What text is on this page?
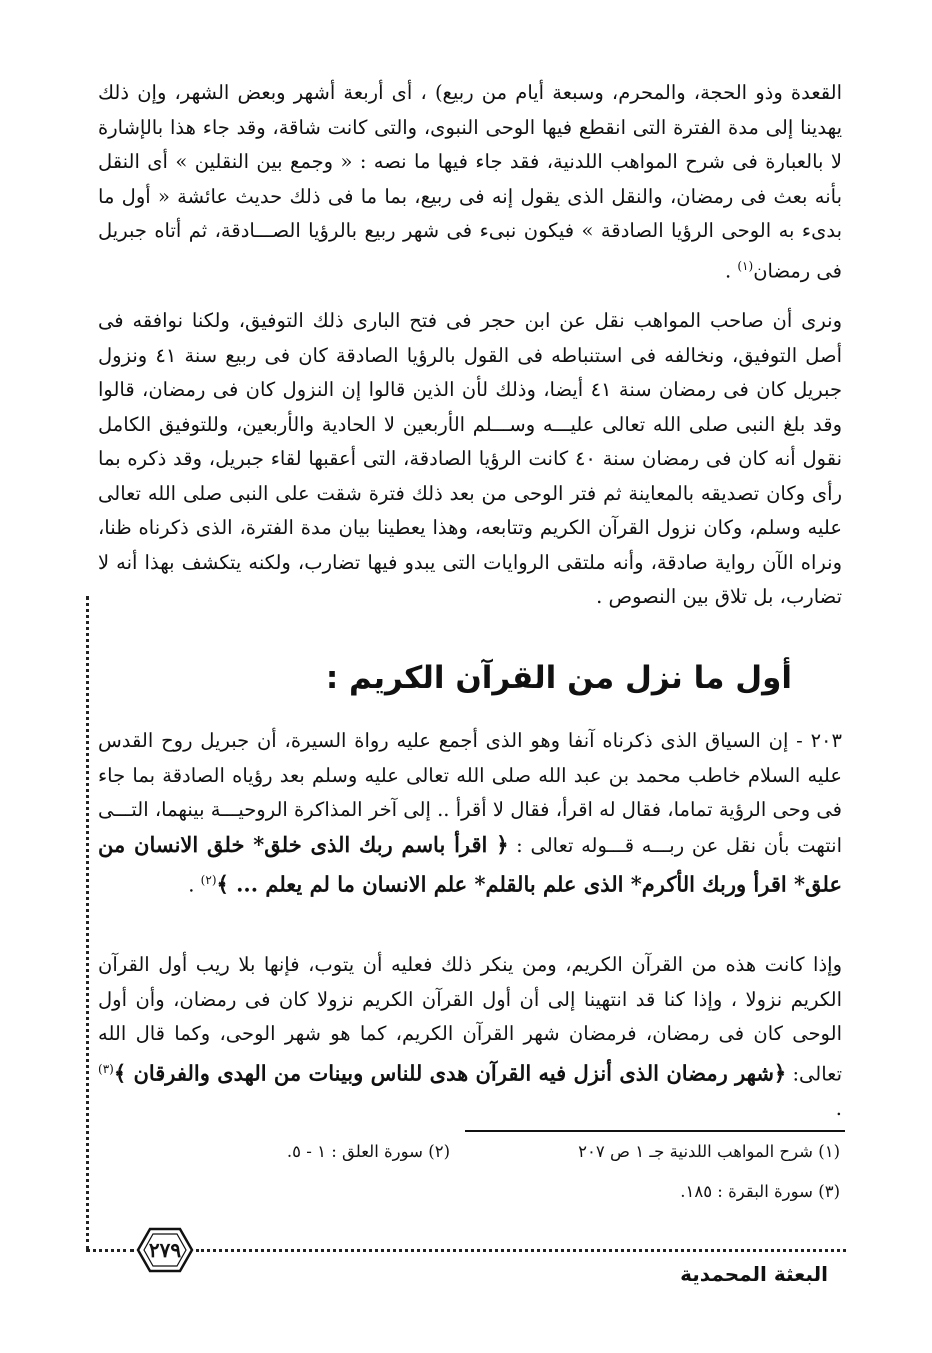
القعدة وذو الحجة، والمحرم، وسبعة أيام من ربيع) ، أى أربعة أشهر وبعض الشهر، وإن ذلك يهدينا إلى مدة الفترة التى انقطع فيها الوحى النبوى، والتى كانت شاقة، وقد جاء هذا بالإشارة لا بالعبارة فى شرح المواهب اللدنية، فقد جاء فيها ما نصه : « وجمع بين النقلين » أى النقل بأنه بعث فى رمضان، والنقل الذى يقول إنه فى ربيع، بما ما فى ذلك حديث عائشة « أول ما بدىء به الوحى الرؤيا الصادقة » فيكون نبىء فى شهر ربيع بالرؤيا الصـــادقة، ثم أتاه جبريل فى رمضان$^{(١)}$ .
ونرى أن صاحب المواهب نقل عن ابن حجر فى فتح البارى ذلك التوفيق، ولكنا نوافقه فى أصل التوفيق، ونخالفه فى استنباطه فى القول بالرؤيا الصادقة كان فى ربيع سنة ٤١ ونزول جبريل كان فى رمضان سنة ٤١ أيضا، وذلك لأن الذين قالوا إن النزول كان فى رمضان، قالوا وقد بلغ النبى صلى الله تعالى عليـــه وســـلم الأربعين لا الحادية والأربعين، وللتوفيق الكامل نقول أنه كان فى رمضان سنة ٤٠ كانت الرؤيا الصادقة، التى أعقبها لقاء جبريل، وقد ذكره بما رأى وكان تصديقه بالمعاينة ثم فتر الوحى من بعد ذلك فترة شقت على النبى صلى الله تعالى عليه وسلم، وكان نزول القرآن الكريم وتتابعه، وهذا يعطينا بيان مدة الفترة، الذى ذكرناه ظنا، ونراه الآن رواية صادقة، وأنه ملتقى الروايات التى يبدو فيها تضارب، ولكنه يتكشف بهذا أنه لا تضارب، بل تلاق بين النصوص .
أول ما نزل من القرآن الكريم :
٢٠٣ - إن السياق الذى ذكرناه آنفا وهو الذى أجمع عليه رواة السيرة، أن جبريل روح القدس عليه السلام خاطب محمد بن عبد الله صلى الله تعالى عليه وسلم بعد رؤياه الصادقة بما جاء فى وحى الرؤية تماما، فقال له اقرأ، فقال لا أقرأ .. إلى آخر المذاكرة الروحيـــة بينهما، التـــى انتهت بأن نقل عن ربـــه قـــوله تعالى : ﴿ اقرأ باسم ربك الذى خلق* خلق الانسان من علق* اقرأ وربك الأكرم* الذى علم بالقلم* علم الانسان ما لم يعلم ... ﴾$^{(٢)}$ .
وإذا كانت هذه من القرآن الكريم، ومن ينكر ذلك فعليه أن يتوب، فإنها بلا ريب أول القرآن الكريم نزولا ، وإذا كنا قد انتهينا إلى أن أول القرآن الكريم نزولا كان فى رمضان، وأن أول الوحى كان فى رمضان، فرمضان شهر القرآن الكريم، كما هو شهر الوحى، وكما قال الله تعالى: ﴿شهر رمضان الذى أنزل فيه القرآن هدى للناس وبينات من الهدى والفرقان ﴾$^{(٣)}$ .
(١) شرح المواهب اللدنية جـ ١ ص ٢٠٧
(٢) سورة العلق : ١ - ٥.
(٣) سورة البقرة : ١٨٥.
٢٧٩
البعثة المحمدية
